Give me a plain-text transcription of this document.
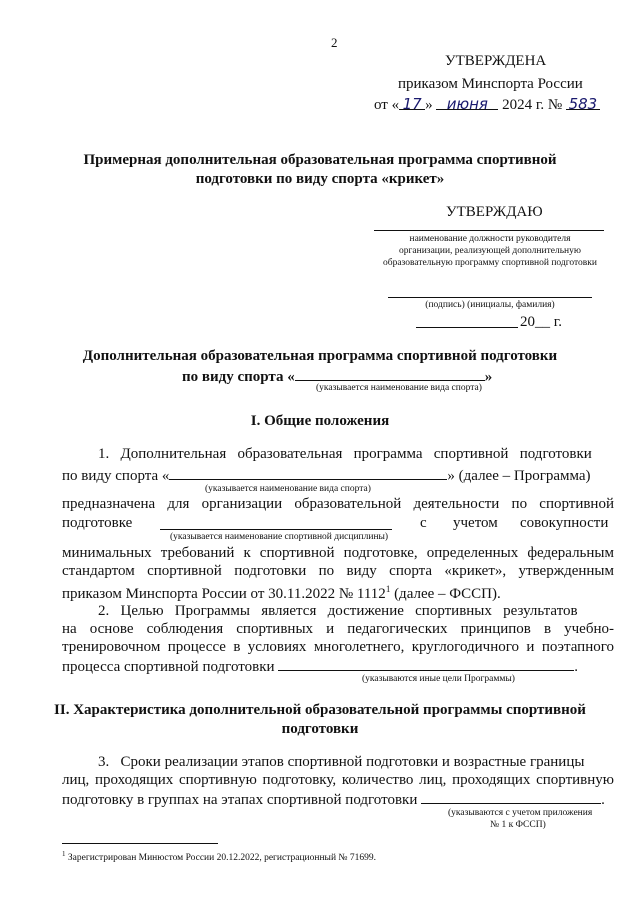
2
УТВЕРЖДЕНА
приказом Минспорта России
от « 17 » июня 2024 г. № 583
Примерная дополнительная образовательная программа спортивной
подготовки по виду спорта «крикет»
УТВЕРЖДАЮ
наименование должности руководителя
организации, реализующей дополнительную
образовательную программу спортивной подготовки
(подпись) (инициалы, фамилия)
20__ г.
Дополнительная образовательная программа спортивной подготовки
по виду спорта «	»
(указывается наименование вида спорта)
I. Общие положения
1.   Дополнительная   образовательная   программа   спортивной   подготовки
по виду спорта «	» (далее – Программа)
(указывается наименование вида спорта)
предназначена для организации образовательной деятельности по спортивной
подготовке	с учетом совокупности
(указывается наименование спортивной дисциплины)
минимальных требований к спортивной подготовке, определенных федеральным
стандартом спортивной подготовки по виду спорта «крикет», утвержденным
приказом Минспорта России от 30.11.2022 № 1112$^1$ (далее – ФССП).
2.   Целью   Программы   является   достижение   спортивных   результатов
на основе соблюдения спортивных и педагогических принципов в учебно-
тренировочном процессе в условиях многолетнего, круглогодичного и поэтапного
процесса спортивной подготовки	.
(указываются иные цели Программы)
II. Характеристика дополнительной образовательной программы спортивной
подготовки
3.   Сроки реализации этапов спортивной подготовки и возрастные границы
лиц, проходящих спортивную подготовку, количество лиц, проходящих спортивную
подготовку в группах на этапах спортивной подготовки	.
(указываются с учетом приложения
№ 1 к ФССП)
$^1$ Зарегистрирован Минюстом России 20.12.2022, регистрационный № 71699.
